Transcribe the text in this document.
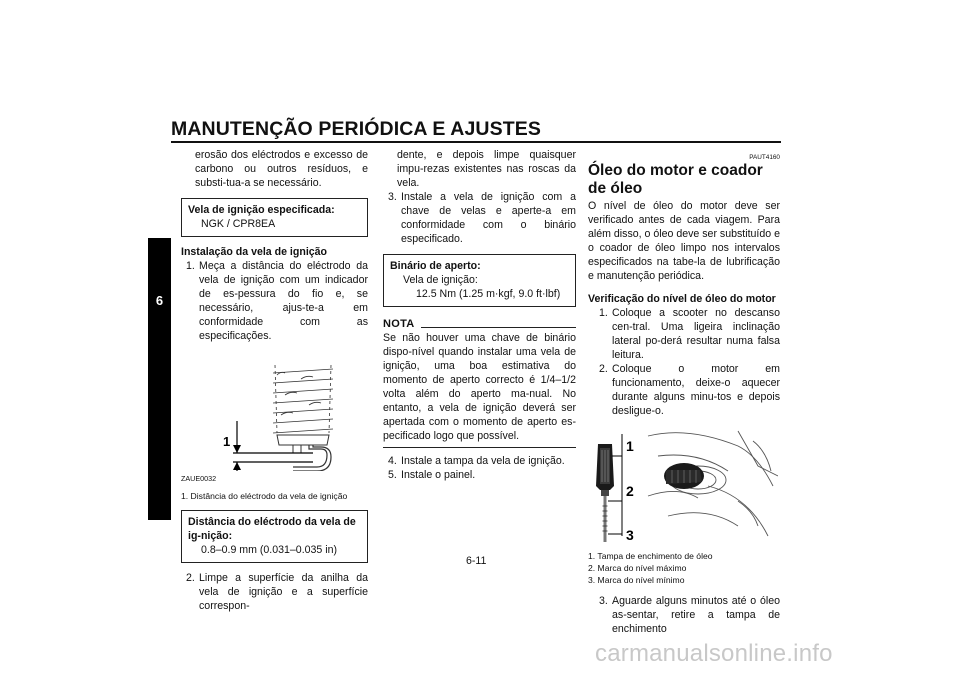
MANUTENÇÃO PERIÓDICA E AJUSTES
6
erosão dos eléctrodos e excesso de carbono ou outros resíduos, e substi-tua-a se necessário.
Vela de ignição especificada:
NGK / CPR8EA
Instalação da vela de ignição
1. Meça a distância do eléctrodo da vela de ignição com um indicador de es-pessura do fio e, se necessário, ajus-te-a em conformidade com as especificações.
1
ZAUE0032
1. Distância do eléctrodo da vela de ignição
Distância do eléctrodo da vela de ig-nição:
0.8–0.9 mm (0.031–0.035 in)
2. Limpe a superfície da anilha da vela de ignição e a superfície correspon-
dente, e depois limpe quaisquer impu-rezas existentes nas roscas da vela.
3. Instale a vela de ignição com a chave de velas e aperte-a em conformidade com o binário especificado.
Binário de aperto:
Vela de ignição:
12.5 Nm (1.25 m·kgf, 9.0 ft·lbf)
NOTA
Se não houver uma chave de binário dispo-nível quando instalar uma vela de ignição, uma boa estimativa do momento de aperto correcto é 1/4–1/2 volta além do aperto ma-nual. No entanto, a vela de ignição deverá ser apertada com o momento de aperto es-pecificado logo que possível.
4. Instale a tampa da vela de ignição.
5. Instale o painel.
PAUT4160
Óleo do motor e coador de óleo
O nível de óleo do motor deve ser verificado antes de cada viagem. Para além disso, o óleo deve ser substituído e o coador de óleo limpo nos intervalos especificados na tabe-la de lubrificação e manutenção periódica.
Verificação do nível de óleo do motor
1. Coloque a scooter no descanso cen-tral. Uma ligeira inclinação lateral po-derá resultar numa falsa leitura.
2. Coloque o motor em funcionamento, deixe-o aquecer durante alguns minu-tos e depois desligue-o.
1
2
3
1. Tampa de enchimento de óleo
2. Marca do nível máximo
3. Marca do nível mínimo
3. Aguarde alguns minutos até o óleo as-sentar, retire a tampa de enchimento
6-11
carmanualsonline.info
